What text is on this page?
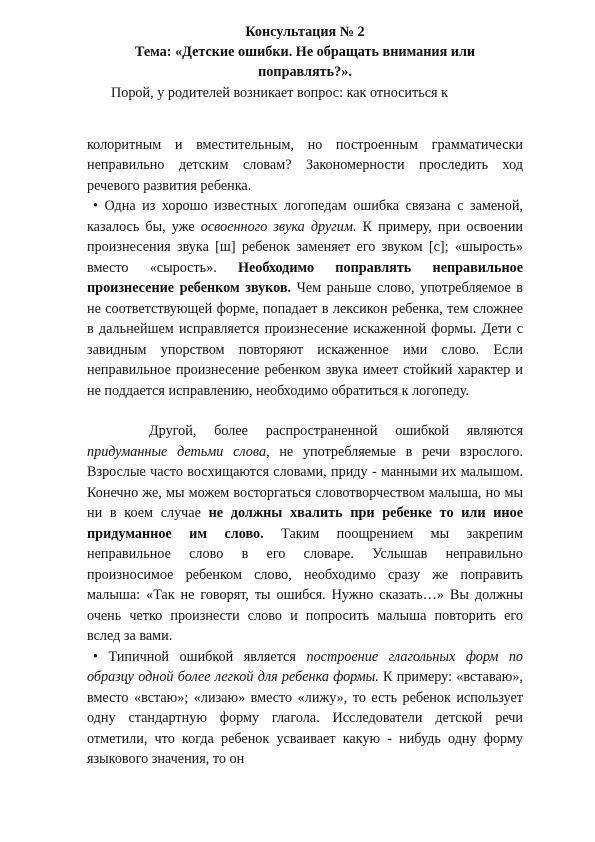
Консультация № 2
Тема: «Детские ошибки. Не обращать внимания или поправлять?».
Порой, у родителей возникает вопрос: как относиться к

колоритным и вместительным, но построенным грамматически неправильно детским словам? Закономерности проследить ход речевого развития ребенка.

• Одна из хорошо известных логопедам ошибка связана с заменой, казалось бы, уже освоенного звука другим. К примеру, при освоении произнесения звука [ш] ребенок заменяет его звуком [с]; «шырость» вместо «сырость». Необходимо поправлять неправильное произнесение ребенком звуков. Чем раньше слово, употребляемое в не соответствующей форме, попадает в лексикон ребенка, тем сложнее в дальнейшем исправляется произнесение искаженной формы. Дети с завидным упорством повторяют искаженное ими слово. Если неправильное произнесение ребенком звука имеет стойкий характер и не поддается исправлению, необходимо обратиться к логопеду.

Другой, более распространенной ошибкой являются придуманные детьми слова, не употребляемые в речи взрослого. Взрослые часто восхищаются словами, приду - манными их малышом. Конечно же, мы можем восторгаться словотворчеством малыша, но мы ни в коем случае не должны хвалить при ребенке то или иное придуманное им слово. Таким поощрением мы закрепим неправильное слово в его словаре. Услышав неправильно произносимое ребенком слово, необходимо сразу же поправить малыша: «Так не говорят, ты ошибся. Нужно сказать…» Вы должны очень четко произнести слово и попросить малыша повторить его вслед за вами.

• Типичной ошибкой является построение глагольных форм по образцу одной более легкой для ребенка формы. К примеру: «вставаю», вместо «встаю»; «лизаю» вместо «лижу», то есть ребенок использует одну стандартную форму глагола. Исследователи детской речи отметили, что когда ребенок усваивает какую - нибудь одну форму языкового значения, то он
